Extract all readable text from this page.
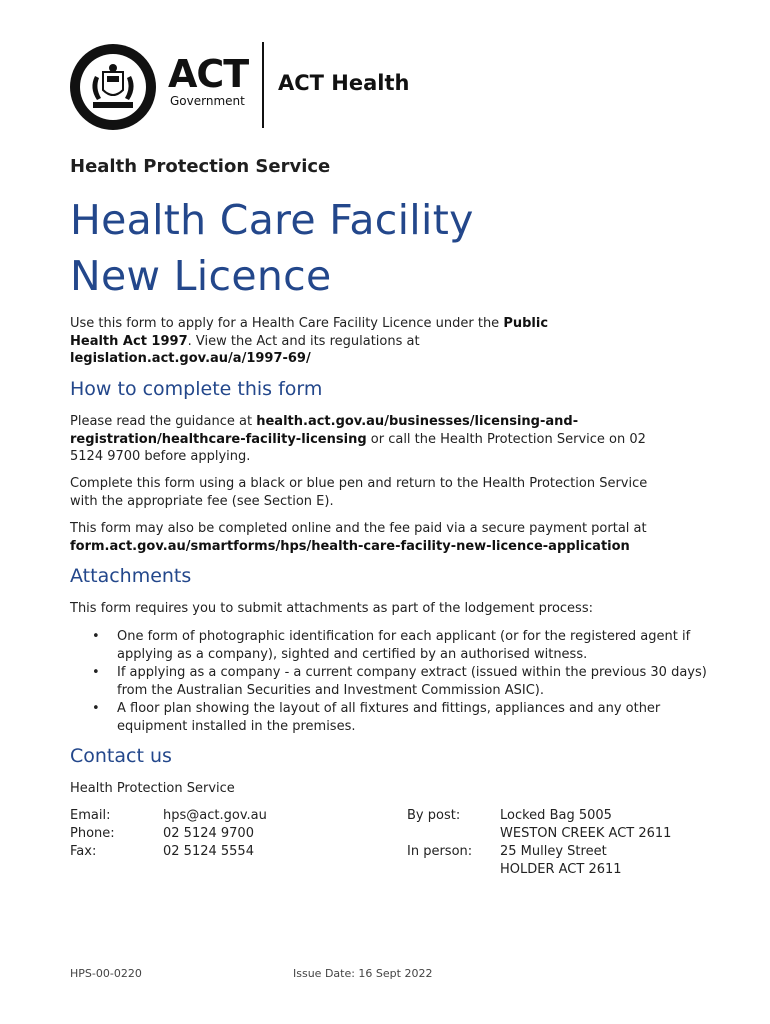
ACT
Government
ACT Health
Health Protection Service
Health Care Facility
New Licence
Use this form to apply for a Health Care Facility Licence under the Public Health Act 1997. View the Act and its regulations at legislation.act.gov.au/a/1997-69/
How to complete this form
Please read the guidance at health.act.gov.au/businesses/licensing-and-registration/healthcare-facility-licensing or call the Health Protection Service on 02 5124 9700 before applying.
Complete this form using a black or blue pen and return to the Health Protection Service with the appropriate fee (see Section E).
This form may also be completed online and the fee paid via a secure payment portal at
form.act.gov.au/smartforms/hps/health-care-facility-new-licence-application
Attachments
This form requires you to submit attachments as part of the lodgement process:
• One form of photographic identification for each applicant (or for the registered agent if applying as a company), sighted and certified by an authorised witness.
• If applying as a company - a current company extract (issued within the previous 30 days) from the Australian Securities and Investment Commission ASIC).
• A floor plan showing the layout of all fixtures and fittings, appliances and any other equipment installed in the premises.
Contact us
Health Protection Service
Email:	hps@act.gov.au
Phone:	02 5124 9700
Fax:	02 5124 5554
By post:	Locked Bag 5005
WESTON CREEK ACT 2611
In person: 25 Mulley Street
HOLDER ACT 2611
HPS-00-0220	Issue Date: 16 Sept 2022
